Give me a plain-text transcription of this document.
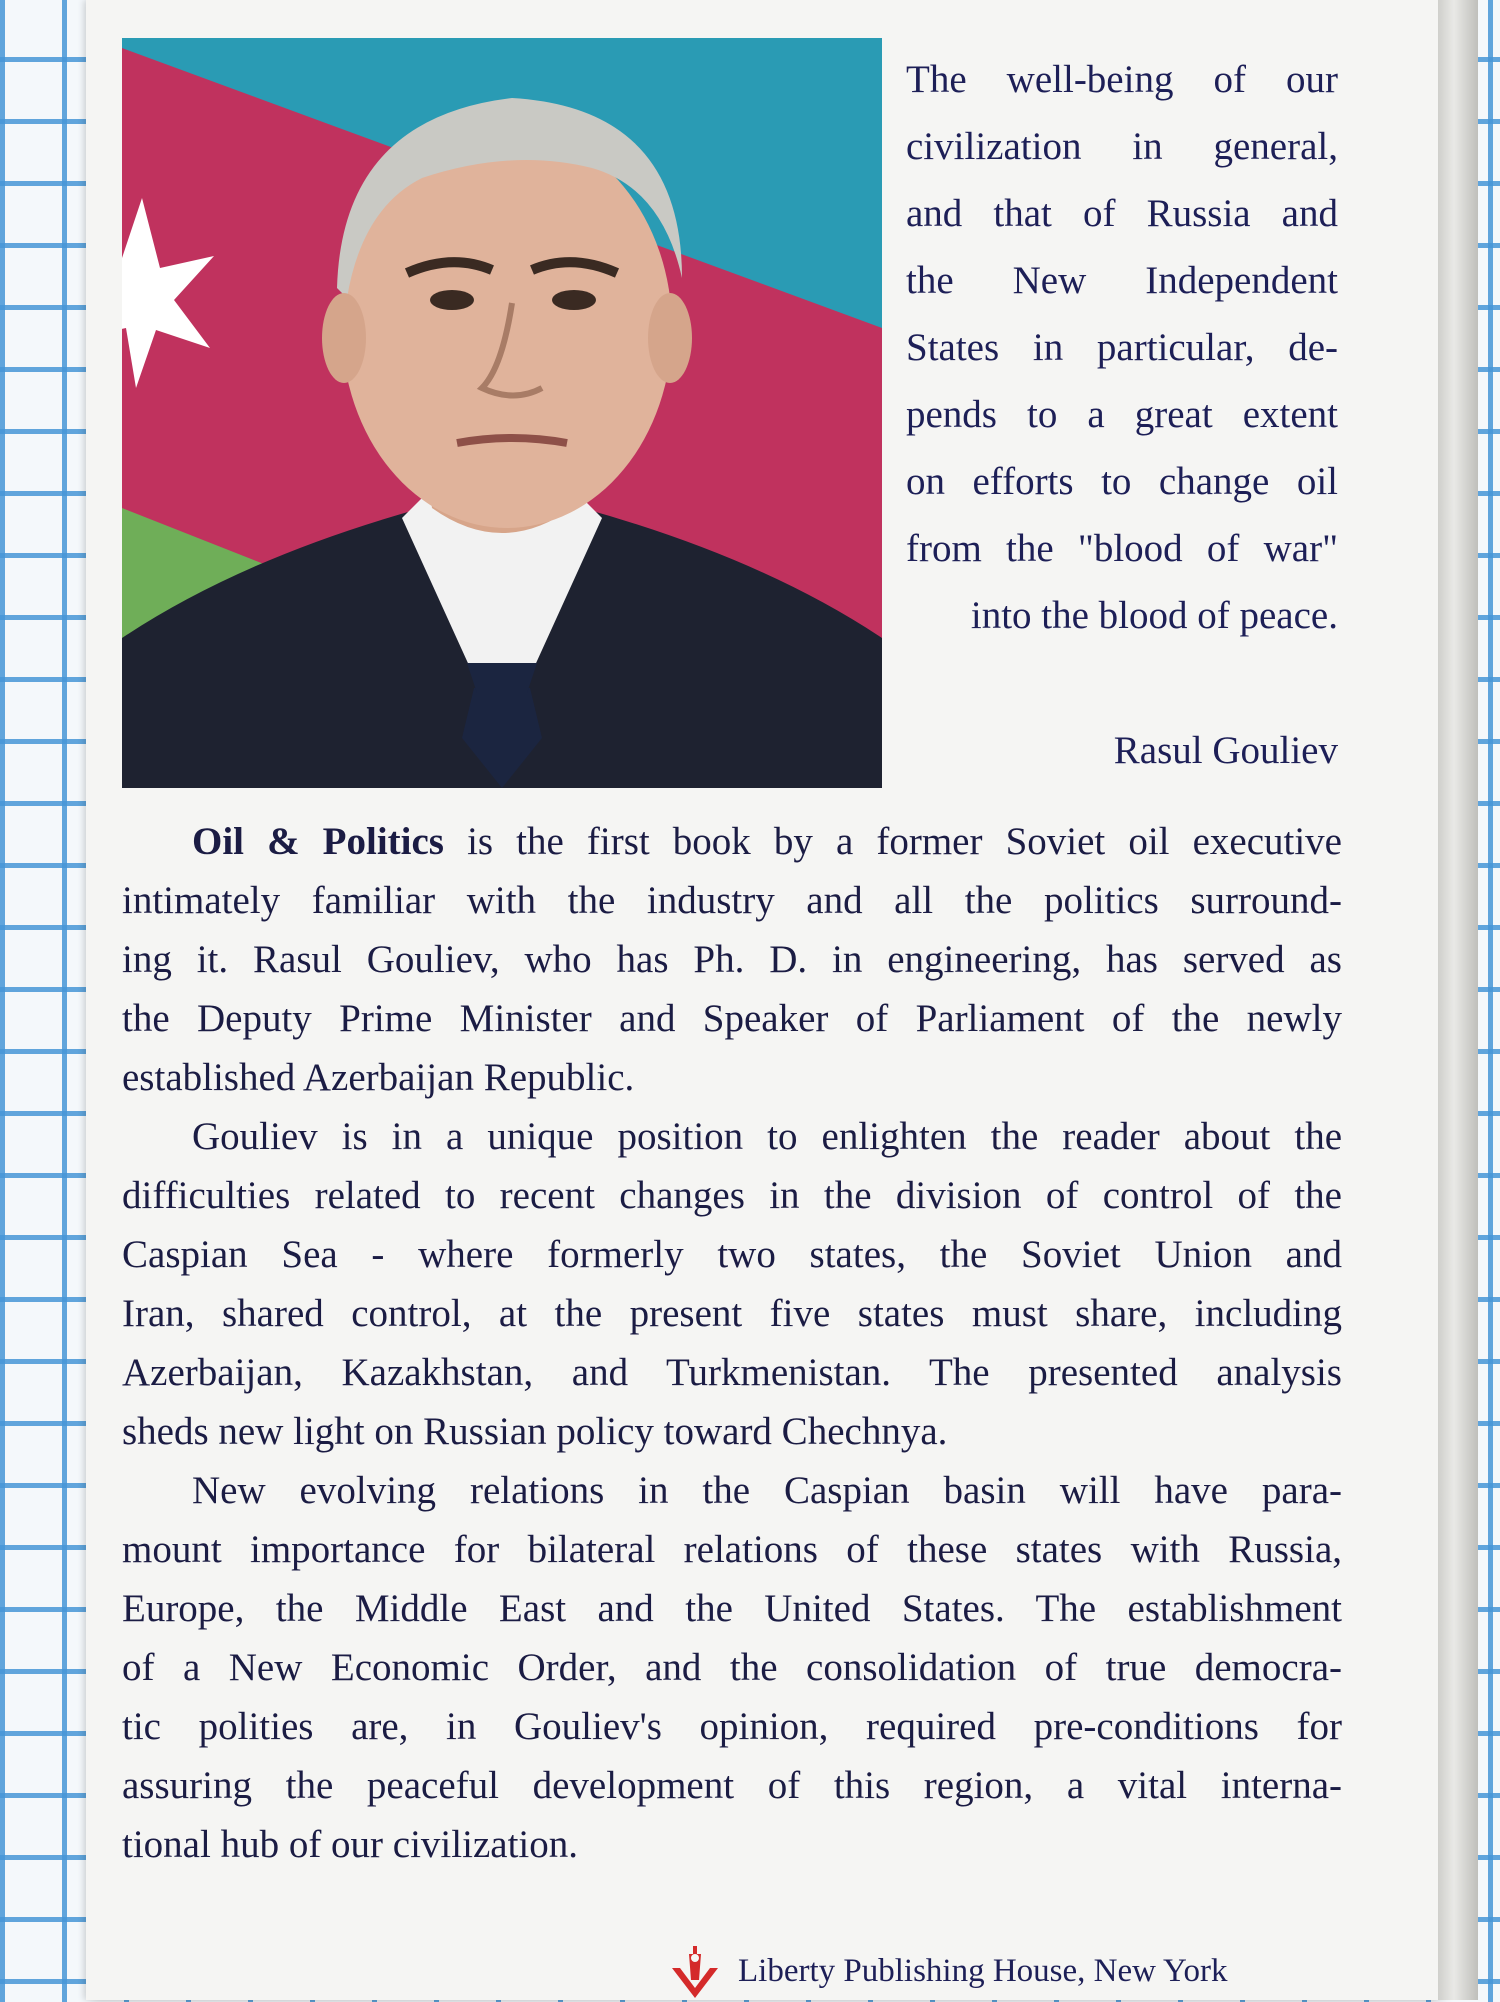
The well-being of our
civilization in general,
and that of Russia and
the New Independent
States in particular, de-
pends to a great extent
on efforts to change oil
from the "blood of war"
into the blood of peace.
Rasul Gouliev
Oil & Politics is the first book by a former Soviet oil executive
intimately familiar with the industry and all the politics surround-
ing it. Rasul Gouliev, who has Ph. D. in engineering, has served as
the Deputy Prime Minister and Speaker of Parliament of the newly
established Azerbaijan Republic.
Gouliev is in a unique position to enlighten the reader about the
difficulties related to recent changes in the division of control of the
Caspian Sea - where formerly two states, the Soviet Union and
Iran, shared control, at the present five states must share, including
Azerbaijan, Kazakhstan, and Turkmenistan. The presented analysis
sheds new light on Russian policy toward Chechnya.
New evolving relations in the Caspian basin will have para-
mount importance for bilateral relations of these states with Russia,
Europe, the Middle East and the United States. The establishment
of a New Economic Order, and the consolidation of true democra-
tic polities are, in Gouliev's opinion, required pre-conditions for
assuring the peaceful development of this region, a vital interna-
tional hub of our civilization.
Liberty Publishing House, New York
